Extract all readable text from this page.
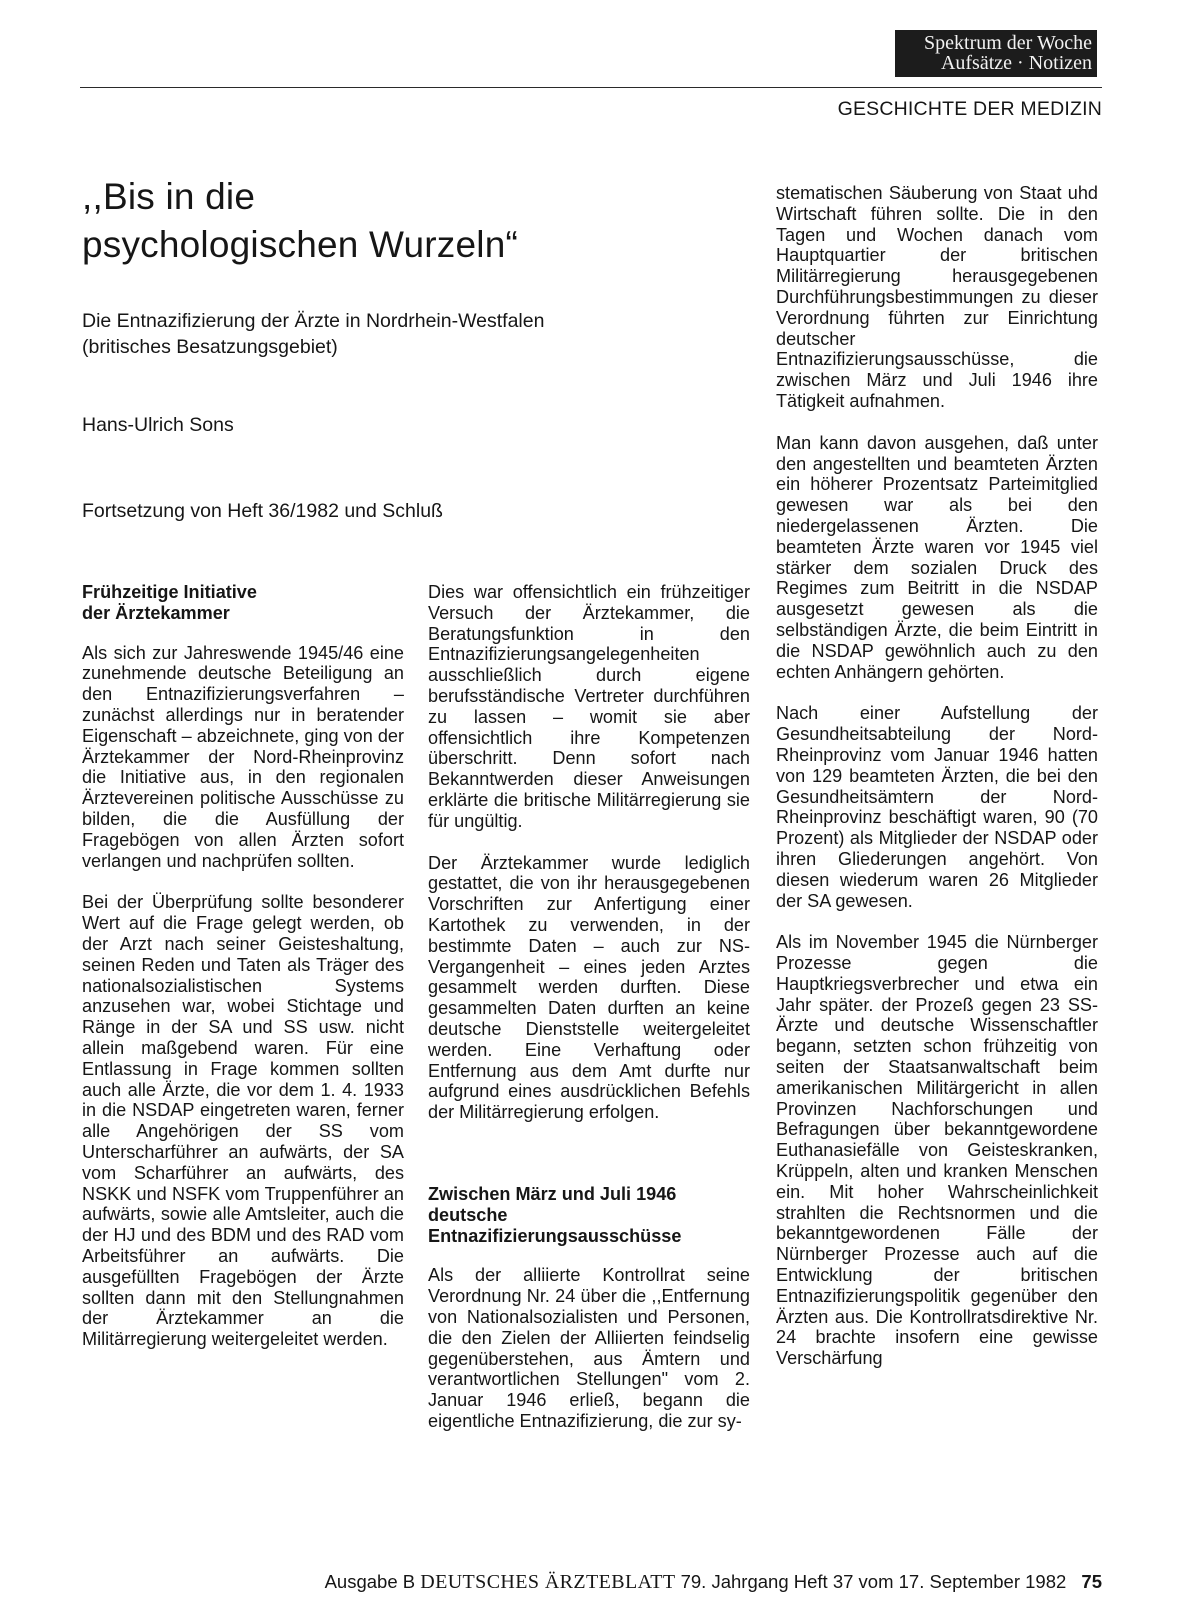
Spektrum der Woche
Aufsätze · Notizen
GESCHICHTE DER MEDIZIN
,,Bis in die
psychologischen Wurzeln“
Die Entnazifizierung der Ärzte in Nordrhein-Westfalen
(britisches Besatzungsgebiet)
Hans-Ulrich Sons
Fortsetzung von Heft 36/1982 und Schluß
Frühzeitige Initiative
der Ärztekammer

Als sich zur Jahreswende 1945/46 eine zunehmende deutsche Beteiligung an den Entnazifizierungsverfahren – zunächst allerdings nur in beratender Eigenschaft – abzeichnete, ging von der Ärztekammer der Nord-Rheinprovinz die Initiative aus, in den regionalen Ärztevereinen politische Ausschüsse zu bilden, die die Ausfüllung der Fragebögen von allen Ärzten sofort verlangen und nachprüfen sollten.

Bei der Überprüfung sollte besonderer Wert auf die Frage gelegt werden, ob der Arzt nach seiner Geisteshaltung, seinen Reden und Taten als Träger des nationalsozialistischen Systems anzusehen war, wobei Stichtage und Ränge in der SA und SS usw. nicht allein maßgebend waren. Für eine Entlassung in Frage kommen sollten auch alle Ärzte, die vor dem 1. 4. 1933 in die NSDAP eingetreten waren, ferner alle Angehörigen der SS vom Unterscharführer an aufwärts, der SA vom Scharführer an aufwärts, des NSKK und NSFK vom Truppenführer an aufwärts, sowie alle Amtsleiter, auch die der HJ und des BDM und des RAD vom Arbeitsführer an aufwärts. Die ausgefüllten Fragebögen der Ärzte sollten dann mit den Stellungnahmen der Ärztekammer an die Militärregierung weitergeleitet werden.

Dies war offensichtlich ein frühzeitiger Versuch der Ärztekammer, die Beratungsfunktion in den Entnazifizierungsangelegenheiten ausschließlich durch eigene berufsständische Vertreter durchführen zu lassen – womit sie aber offensichtlich ihre Kompetenzen überschritt. Denn sofort nach Bekanntwerden dieser Anweisungen erklärte die britische Militärregierung sie für ungültig.

Der Ärztekammer wurde lediglich gestattet, die von ihr herausgegebenen Vorschriften zur Anfertigung einer Kartothek zu verwenden, in der bestimmte Daten – auch zur NS-Vergangenheit – eines jeden Arztes gesammelt werden durften. Diese gesammelten Daten durften an keine deutsche Dienststelle weitergeleitet werden. Eine Verhaftung oder Entfernung aus dem Amt durfte nur aufgrund eines ausdrücklichen Befehls der Militärregierung erfolgen.

Zwischen März und Juli 1946
deutsche
Entnazifizierungsausschüsse

Als der alliierte Kontrollrat seine Verordnung Nr. 24 über die ,,Entfernung von Nationalsozialisten und Personen, die den Zielen der Alliierten feindselig gegenüberstehen, aus Ämtern und verantwortlichen Stellungen" vom 2. Januar 1946 erließ, begann die eigentliche Entnazifizierung, die zur sy-

stematischen Säuberung von Staat uhd Wirtschaft führen sollte. Die in den Tagen und Wochen danach vom Hauptquartier der britischen Militärregierung herausgegebenen Durchführungsbestimmungen zu dieser Verordnung führten zur Einrichtung deutscher Entnazifizierungsausschüsse, die zwischen März und Juli 1946 ihre Tätigkeit aufnahmen.

Man kann davon ausgehen, daß unter den angestellten und beamteten Ärzten ein höherer Prozentsatz Parteimitglied gewesen war als bei den niedergelassenen Ärzten. Die beamteten Ärzte waren vor 1945 viel stärker dem sozialen Druck des Regimes zum Beitritt in die NSDAP ausgesetzt gewesen als die selbständigen Ärzte, die beim Eintritt in die NSDAP gewöhnlich auch zu den echten Anhängern gehörten.

Nach einer Aufstellung der Gesundheitsabteilung der Nord-Rheinprovinz vom Januar 1946 hatten von 129 beamteten Ärzten, die bei den Gesundheitsämtern der Nord-Rheinprovinz beschäftigt waren, 90 (70 Prozent) als Mitglieder der NSDAP oder ihren Gliederungen angehört. Von diesen wiederum waren 26 Mitglieder der SA gewesen.

Als im November 1945 die Nürnberger Prozesse gegen die Hauptkriegsverbrecher und etwa ein Jahr später. der Prozeß gegen 23 SS-Ärzte und deutsche Wissenschaftler begann, setzten schon frühzeitig von seiten der Staatsanwaltschaft beim amerikanischen Militärgericht in allen Provinzen Nachforschungen und Befragungen über bekanntgewordene Euthanasiefälle von Geisteskranken, Krüppeln, alten und kranken Menschen ein. Mit hoher Wahrscheinlichkeit strahlten die Rechtsnormen und die bekanntgewordenen Fälle der Nürnberger Prozesse auch auf die Entwicklung der britischen Entnazifizierungspolitik gegenüber den Ärzten aus. Die Kontrollratsdirektive Nr. 24 brachte insofern eine gewisse Verschärfung

Ausgabe B DEUTSCHES ÄRZTEBLATT 79. Jahrgang Heft 37 vom 17. September 1982 75
